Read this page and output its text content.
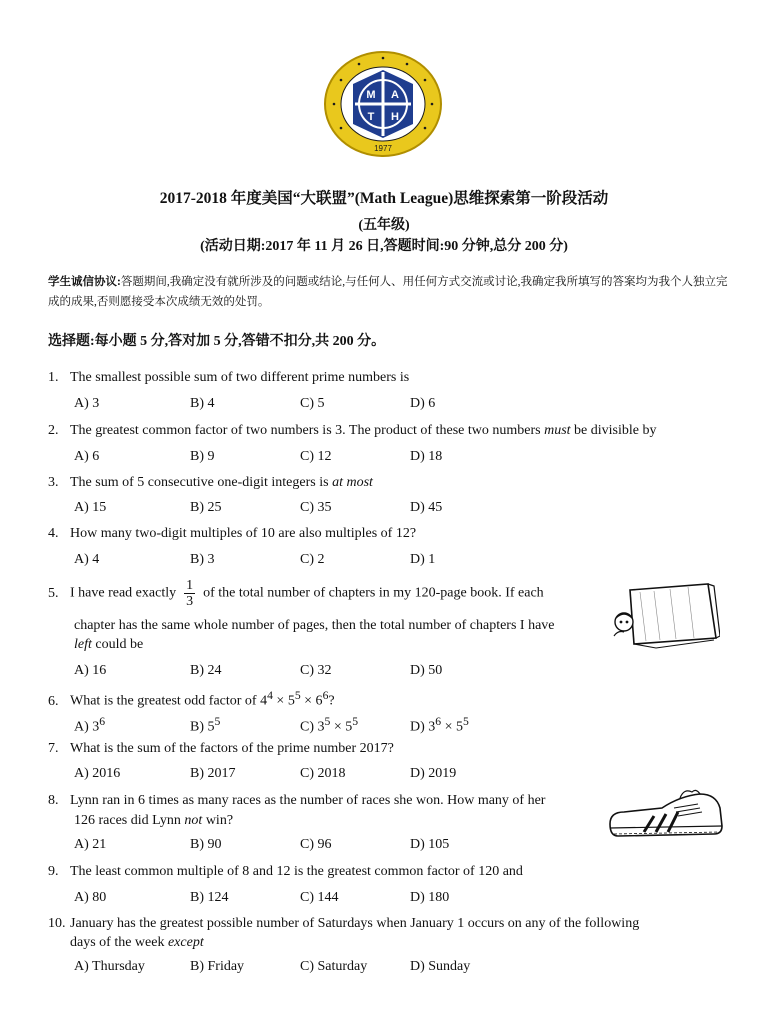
M A
T H
1977
2017-2018 年度美国“大联盟”(Math League)思维探索第一阶段活动
(五年级)
(活动日期:2017 年 11 月 26 日,答题时间:90 分钟,总分 200 分)
学生诚信协议:答题期间,我确定没有就所涉及的问题或结论,与任何人、用任何方式交流或讨论,我确定我所填写的答案均为我个人独立完成的成果,否则愿接受本次成绩无效的处罚。
选择题:每小题 5 分,答对加 5 分,答错不扣分,共 200 分。
1. The smallest possible sum of two different prime numbers is
A) 3	B) 4	C) 5	D) 6
2. The greatest common factor of two numbers is 3. The product of these two numbers must be divisible by
A) 6	B) 9	C) 12	D) 18
3. The sum of 5 consecutive one-digit integers is at most
A) 15	B) 25	C) 35	D) 45
4. How many two-digit multiples of 10 are also multiples of 12?
A) 4	B) 3	C) 2	D) 1
5. I have read exactly $\frac{1}{3}$ of the total number of chapters in my 120-page book. If each
chapter has the same whole number of pages, then the total number of chapters I have
left could be
A) 16	B) 24	C) 32	D) 50
6. What is the greatest odd factor of $4^4 \times 5^5 \times 6^6$?
A) $3^6$	B) $5^5$	C) $3^5 \times 5^5$	D) $3^6 \times 5^5$
7. What is the sum of the factors of the prime number 2017?
A) 2016	B) 2017	C) 2018	D) 2019
8. Lynn ran in 6 times as many races as the number of races she won. How many of her
126 races did Lynn not win?
A) 21	B) 90	C) 96	D) 105
9. The least common multiple of 8 and 12 is the greatest common factor of 120 and
A) 80	B) 124	C) 144	D) 180
10. January has the greatest possible number of Saturdays when January 1 occurs on any of the following
days of the week except
A) Thursday	B) Friday	C) Saturday	D) Sunday
